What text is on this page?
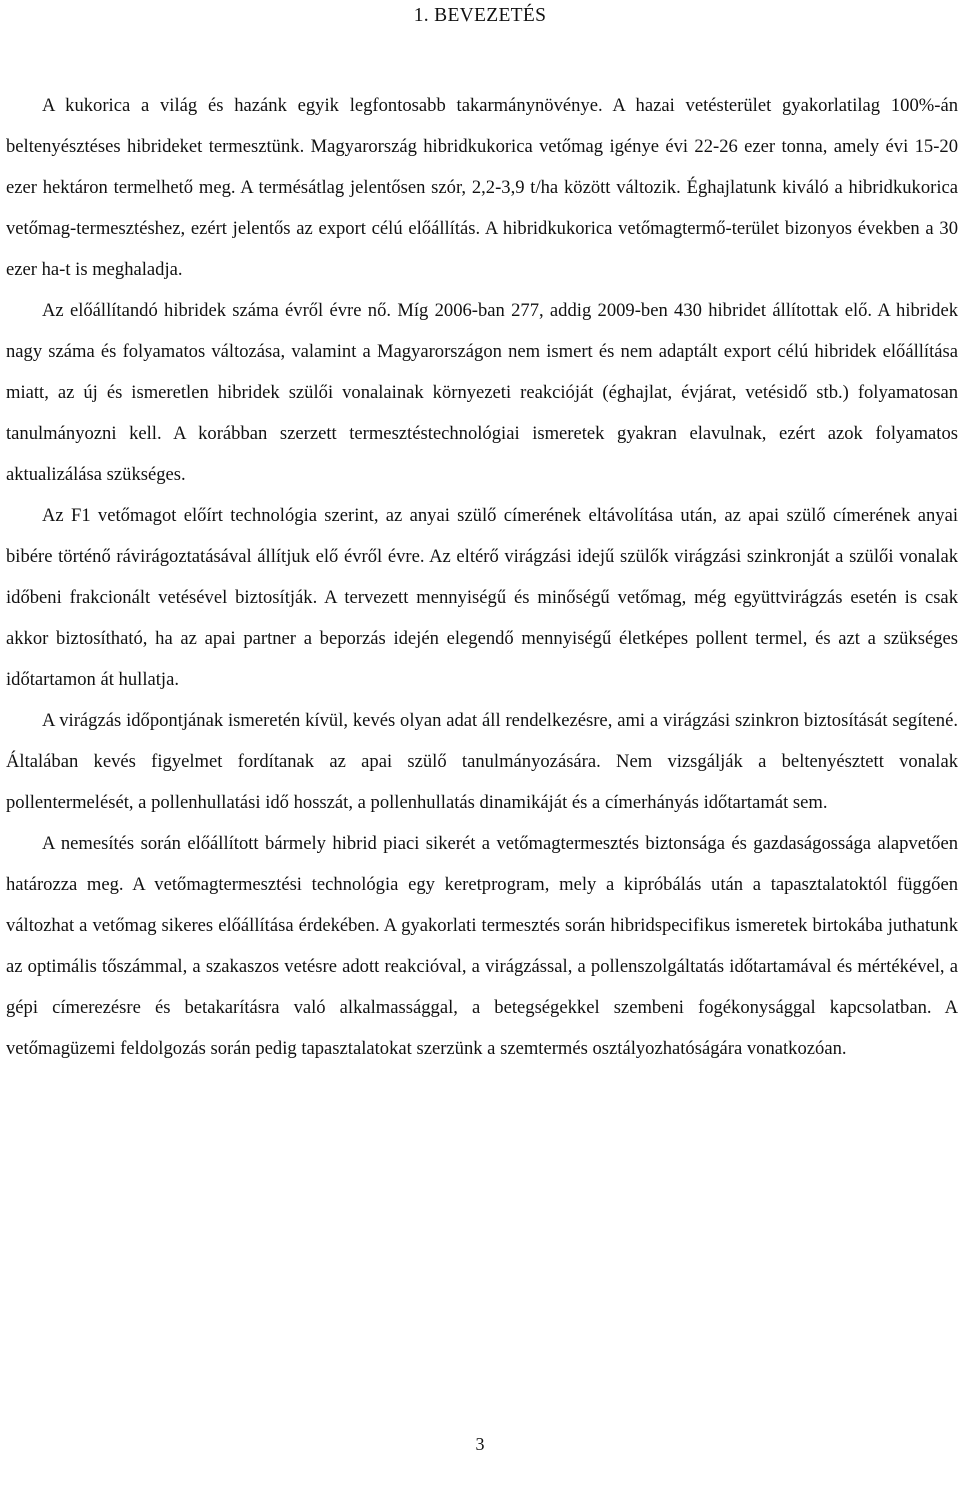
1. BEVEZETÉS

A kukorica a világ és hazánk egyik legfontosabb takarmánynövénye. A hazai vetésterület gyakorlatilag 100%-án beltenyésztéses hibrideket termesztünk. Magyarország hibridkukorica vetőmag igénye évi 22-26 ezer tonna, amely évi 15-20 ezer hektáron termelhető meg. A termésátlag jelentősen szór, 2,2-3,9 t/ha között változik. Éghajlatunk kiváló a hibridkukorica vetőmag-termesztéshez, ezért jelentős az export célú előállítás. A hibridkukorica vetőmagtermő-terület bizonyos években a 30 ezer ha-t is meghaladja.

Az előállítandó hibridek száma évről évre nő. Míg 2006-ban 277, addig 2009-ben 430 hibridet állítottak elő. A hibridek nagy száma és folyamatos változása, valamint a Magyarországon nem ismert és nem adaptált export célú hibridek előállítása miatt, az új és ismeretlen hibridek szülői vonalainak környezeti reakcióját (éghajlat, évjárat, vetésidő stb.) folyamatosan tanulmányozni kell. A korábban szerzett termesztéstechnológiai ismeretek gyakran elavulnak, ezért azok folyamatos aktualizálása szükséges.

Az F1 vetőmagot előírt technológia szerint, az anyai szülő címerének eltávolítása után, az apai szülő címerének anyai bibére történő rávirágoztatásával állítjuk elő évről évre. Az eltérő virágzási idejű szülők virágzási szinkronját a szülői vonalak időbeni frakcionált vetésével biztosítják. A tervezett mennyiségű és minőségű vetőmag, még együttvirágzás esetén is csak akkor biztosítható, ha az apai partner a beporzás idején elegendő mennyiségű életképes pollent termel, és azt a szükséges időtartamon át hullatja.

A virágzás időpontjának ismeretén kívül, kevés olyan adat áll rendelkezésre, ami a virágzási szinkron biztosítását segítené. Általában kevés figyelmet fordítanak az apai szülő tanulmányozására. Nem vizsgálják a beltenyésztett vonalak pollentermelését, a pollenhullatási idő hosszát, a pollenhullatás dinamikáját és a címerhányás időtartamát sem.

A nemesítés során előállított bármely hibrid piaci sikerét a vetőmagtermesztés biztonsága és gazdaságossága alapvetően határozza meg. A vetőmagtermesztési technológia egy keretprogram, mely a kipróbálás után a tapasztalatoktól függően változhat a vetőmag sikeres előállítása érdekében. A gyakorlati termesztés során hibridspecifikus ismeretek birtokába juthatunk az optimális tőszámmal, a szakaszos vetésre adott reakcióval, a virágzással, a pollenszolgáltatás időtartamával és mértékével, a gépi címerezésre és betakarításra való alkalmassággal, a betegségekkel szembeni fogékonysággal kapcsolatban. A vetőmagüzemi feldolgozás során pedig tapasztalatokat szerzünk a szemtermés osztályozhatóságára vonatkozóan.

3
